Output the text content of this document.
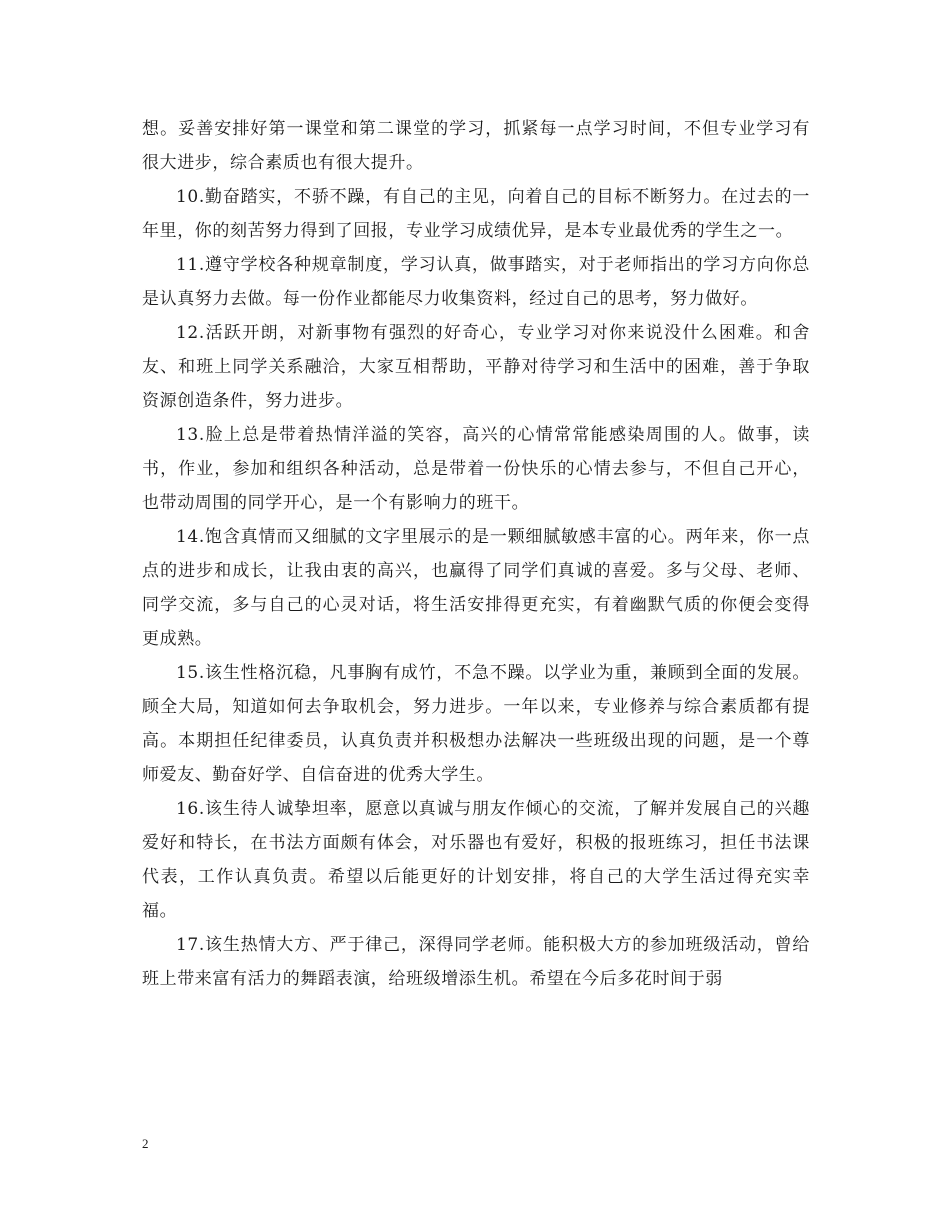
想。妥善安排好第一课堂和第二课堂的学习，抓紧每一点学习时间，不但专业学习有很大进步，综合素质也有很大提升。

10.勤奋踏实，不骄不躁，有自己的主见，向着自己的目标不断努力。在过去的一年里，你的刻苦努力得到了回报，专业学习成绩优异，是本专业最优秀的学生之一。

11.遵守学校各种规章制度，学习认真，做事踏实，对于老师指出的学习方向你总是认真努力去做。每一份作业都能尽力收集资料，经过自己的思考，努力做好。

12.活跃开朗，对新事物有强烈的好奇心，专业学习对你来说没什么困难。和舍友、和班上同学关系融洽，大家互相帮助，平静对待学习和生活中的困难，善于争取资源创造条件，努力进步。

13.脸上总是带着热情洋溢的笑容，高兴的心情常常能感染周围的人。做事，读书，作业，参加和组织各种活动，总是带着一份快乐的心情去参与，不但自己开心，也带动周围的同学开心，是一个有影响力的班干。

14.饱含真情而又细腻的文字里展示的是一颗细腻敏感丰富的心。两年来，你一点点的进步和成长，让我由衷的高兴，也赢得了同学们真诚的喜爱。多与父母、老师、同学交流，多与自己的心灵对话，将生活安排得更充实，有着幽默气质的你便会变得更成熟。

15.该生性格沉稳，凡事胸有成竹，不急不躁。以学业为重，兼顾到全面的发展。顾全大局，知道如何去争取机会，努力进步。一年以来，专业修养与综合素质都有提高。本期担任纪律委员，认真负责并积极想办法解决一些班级出现的问题，是一个尊师爱友、勤奋好学、自信奋进的优秀大学生。

16.该生待人诚挚坦率，愿意以真诚与朋友作倾心的交流，了解并发展自己的兴趣爱好和特长，在书法方面颇有体会，对乐器也有爱好，积极的报班练习，担任书法课代表，工作认真负责。希望以后能更好的计划安排，将自己的大学生活过得充实幸福。

17.该生热情大方、严于律己，深得同学老师。能积极大方的参加班级活动，曾给班上带来富有活力的舞蹈表演，给班级增添生机。希望在今后多花时间于弱

2
